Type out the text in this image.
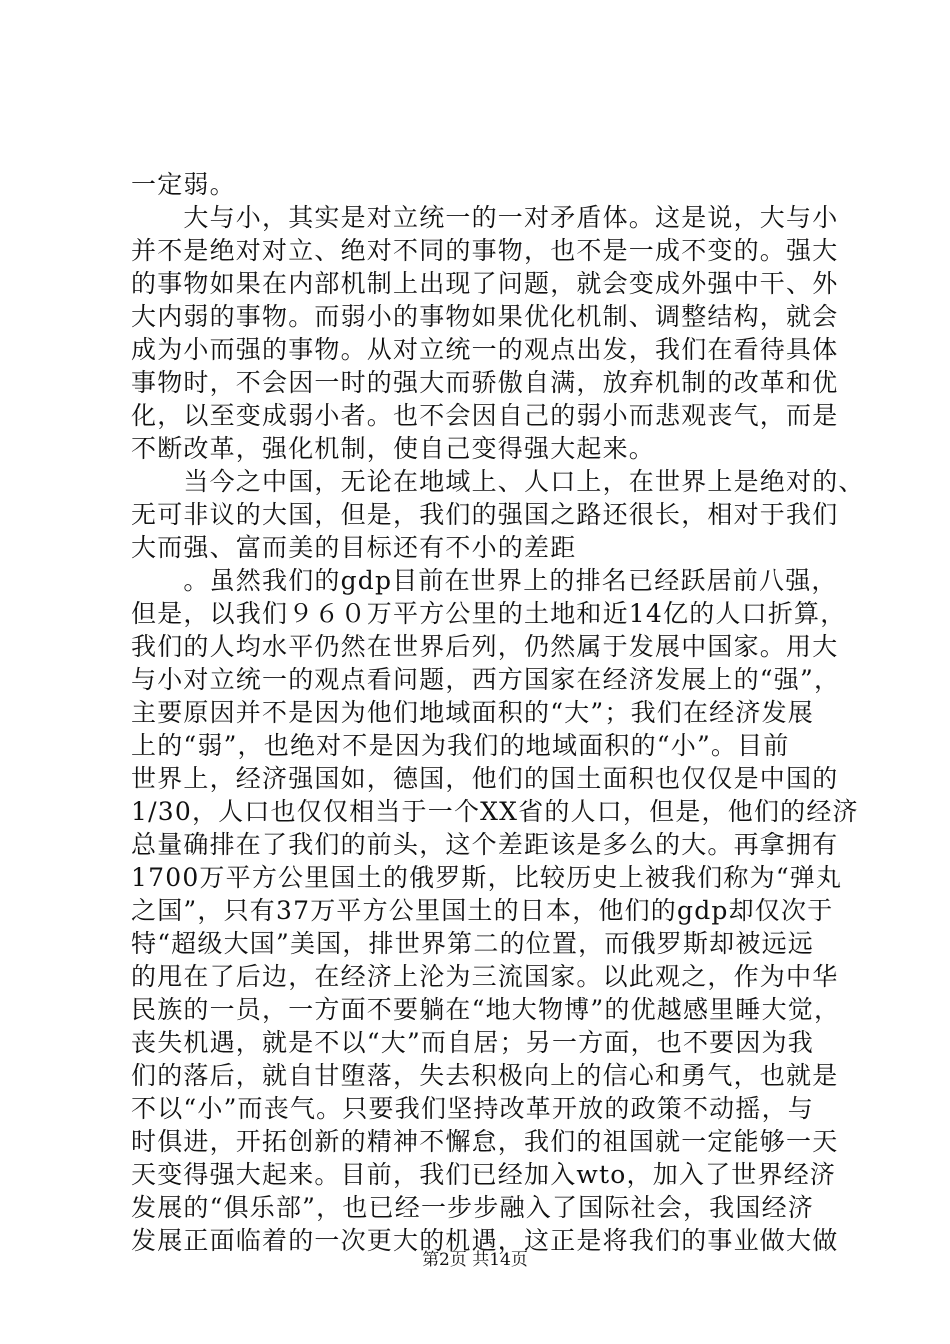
一定弱。
　　大与小，其实是对立统一的一对矛盾体。这是说，大与小
并不是绝对对立、绝对不同的事物，也不是一成不变的。强大
的事物如果在内部机制上出现了问题，就会变成外强中干、外
大内弱的事物。而弱小的事物如果优化机制、调整结构，就会
成为小而强的事物。从对立统一的观点出发，我们在看待具体
事物时，不会因一时的强大而骄傲自满，放弃机制的改革和优
化，以至变成弱小者。也不会因自己的弱小而悲观丧气，而是
不断改革，强化机制，使自己变得强大起来。
　　当今之中国，无论在地域上、人口上，在世界上是绝对的、
无可非议的大国，但是，我们的强国之路还很长，相对于我们
大而强、富而美的目标还有不小的差距
　　。虽然我们的gdp目前在世界上的排名已经跃居前八强，
但是，以我们９６０万平方公里的土地和近14亿的人口折算，
我们的人均水平仍然在世界后列，仍然属于发展中国家。用大
与小对立统一的观点看问题，西方国家在经济发展上的“强”，
主要原因并不是因为他们地域面积的“大”；我们在经济发展
上的“弱”，也绝对不是因为我们的地域面积的“小”。目前
世界上，经济强国如，德国，他们的国土面积也仅仅是中国的
1/30，人口也仅仅相当于一个XX省的人口，但是，他们的经济
总量确排在了我们的前头，这个差距该是多么的大。再拿拥有
1700万平方公里国土的俄罗斯，比较历史上被我们称为“弹丸
之国”，只有37万平方公里国土的日本，他们的gdp却仅次于
特“超级大国”美国，排世界第二的位置，而俄罗斯却被远远
的甩在了后边，在经济上沦为三流国家。以此观之，作为中华
民族的一员，一方面不要躺在“地大物博”的优越感里睡大觉，
丧失机遇，就是不以“大”而自居；另一方面，也不要因为我
们的落后，就自甘堕落，失去积极向上的信心和勇气，也就是
不以“小”而丧气。只要我们坚持改革开放的政策不动摇，与
时俱进，开拓创新的精神不懈怠，我们的祖国就一定能够一天
天变得强大起来。目前，我们已经加入wto，加入了世界经济
发展的“俱乐部”，也已经一步步融入了国际社会，我国经济
发展正面临着的一次更大的机遇，这正是将我们的事业做大做
第2页 共14页
